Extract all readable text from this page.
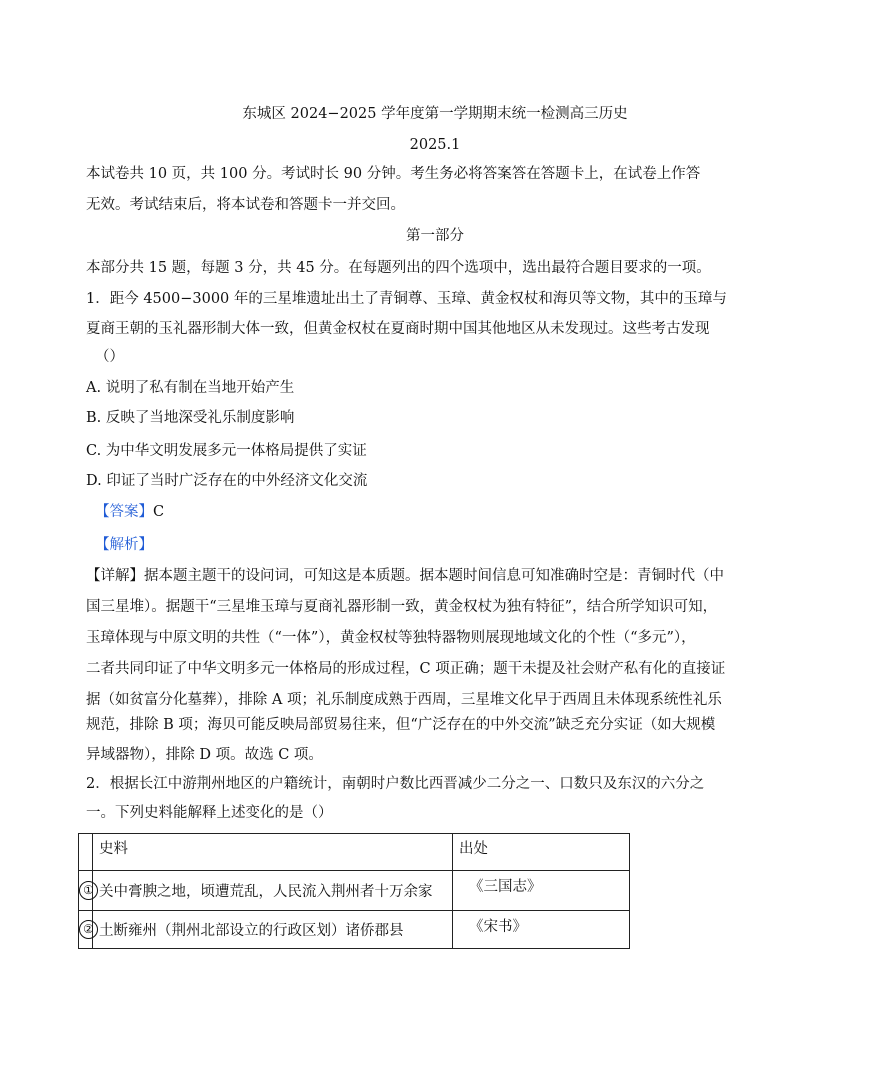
东城区 2024−2025 学年度第一学期期末统一检测高三历史
2025.1
本试卷共 10 页，共 100 分。考试时长 90 分钟。考生务必将答案答在答题卡上，在试卷上作答
无效。考试结束后，将本试卷和答题卡一并交回。
第一部分
本部分共 15 题，每题 3 分，共 45 分。在每题列出的四个选项中，选出最符合题目要求的一项。
1．距今 4500−3000 年的三星堆遗址出土了青铜尊、玉璋、黄金权杖和海贝等文物，其中的玉璋与
夏商王朝的玉礼器形制大体一致，但黄金权杖在夏商时期中国其他地区从未发现过。这些考古发现
（）
A. 说明了私有制在当地开始产生
B. 反映了当地深受礼乐制度影响
C. 为中华文明发展多元一体格局提供了实证
D. 印证了当时广泛存在的中外经济文化交流
【答案】C
【解析】
【详解】据本题主题干的设问词，可知这是本质题。据本题时间信息可知准确时空是：青铜时代（中
国三星堆）。据题干“三星堆玉璋与夏商礼器形制一致，黄金权杖为独有特征”，结合所学知识可知，
玉璋体现与中原文明的共性（“一体”），黄金权杖等独特器物则展现地域文化的个性（“多元”），
二者共同印证了中华文明多元一体格局的形成过程，C 项正确；题干未提及社会财产私有化的直接证
据（如贫富分化墓葬），排除 A 项；礼乐制度成熟于西周，三星堆文化早于西周且未体现系统性礼乐
规范，排除 B 项；海贝可能反映局部贸易往来，但“广泛存在的中外交流”缺乏充分实证（如大规模
异域器物），排除 D 项。故选 C 项。
2．根据长江中游荆州地区的户籍统计，南朝时户数比西晋减少二分之一、口数只及东汉的六分之
一。下列史料能解释上述变化的是（）
	史料	出处
①	关中膏腴之地，顷遭荒乱，人民流入荆州者十万余家	《三国志》
②	土断雍州（荆州北部设立的行政区划）诸侨郡县	《宋书》
